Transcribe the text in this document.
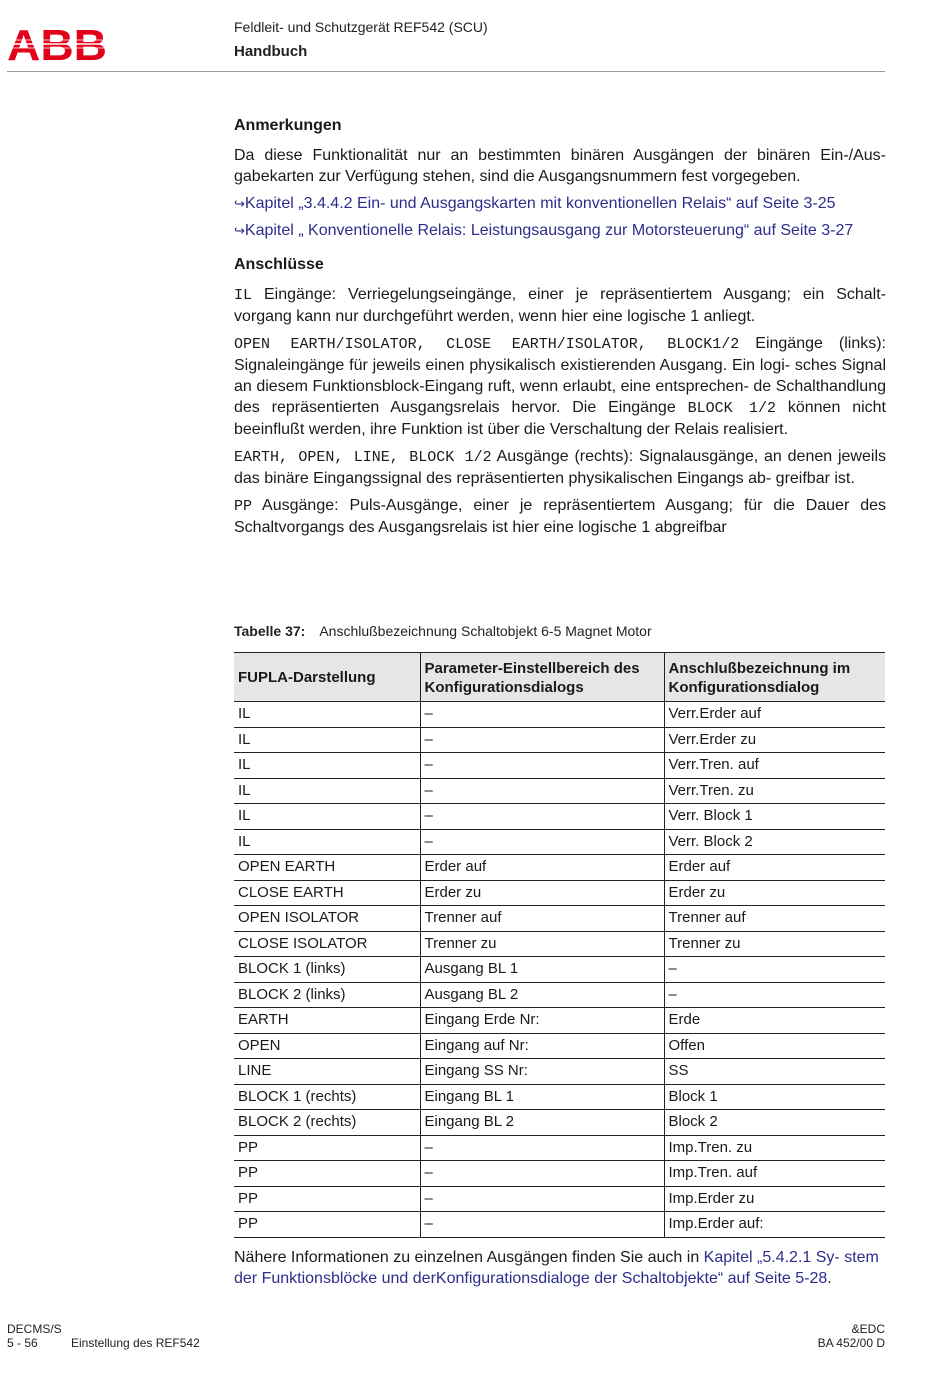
ABB	Feldleit- und Schutzgerät REF542 (SCU)
Handbuch
Anmerkungen
Da diese Funktionalität nur an bestimmten binären Ausgängen der binären Ein-/Aus- gabekarten zur Verfügung stehen, sind die Ausgangsnummern fest vorgegeben.
↪Kapitel „3.4.4.2 Ein- und Ausgangskarten mit konventionellen Relais“ auf Seite 3-25
↪Kapitel „ Konventionelle Relais: Leistungsausgang zur Motorsteuerung“ auf Seite 3-27
Anschlüsse
IL Eingänge: Verriegelungseingänge, einer je repräsentiertem Ausgang; ein Schalt- vorgang kann nur durchgeführt werden, wenn hier eine logische 1 anliegt.
OPEN EARTH/ISOLATOR, CLOSE EARTH/ISOLATOR, BLOCK1/2 Eingänge (links): Signaleingänge für jeweils einen physikalisch existierenden Ausgang. Ein logi- sches Signal an diesem Funktionsblock-Eingang ruft, wenn erlaubt, eine entsprechen- de Schalthandlung des repräsentierten Ausgangsrelais hervor. Die Eingänge BLOCK 1/2 können nicht beeinflußt werden, ihre Funktion ist über die Verschaltung der Relais realisiert.
EARTH, OPEN, LINE, BLOCK 1/2 Ausgänge (rechts): Signalausgänge, an denen jeweils das binäre Eingangssignal des repräsentierten physikalischen Eingangs ab- greifbar ist.
PP Ausgänge: Puls-Ausgänge, einer je repräsentiertem Ausgang; für die Dauer des Schaltvorgangs des Ausgangsrelais ist hier eine logische 1 abgreifbar
Tabelle 37: Anschlußbezeichnung Schaltobjekt 6-5 Magnet Motor
FUPLA-Darstellung	Parameter-Einstellbereich des Konfigurationsdialogs	Anschlußbezeichnung im Konfigurationsdialog
IL	–	Verr.Erder auf
IL	–	Verr.Erder zu
IL	–	Verr.Tren. auf
IL	–	Verr.Tren. zu
IL	–	Verr. Block 1
IL	–	Verr. Block 2
OPEN EARTH	Erder auf	Erder auf
CLOSE EARTH	Erder zu	Erder zu
OPEN ISOLATOR	Trenner auf	Trenner auf
CLOSE ISOLATOR	Trenner zu	Trenner zu
BLOCK 1 (links)	Ausgang BL 1	–
BLOCK 2 (links)	Ausgang BL 2	–
EARTH	Eingang Erde Nr:	Erde
OPEN	Eingang auf Nr:	Offen
LINE	Eingang SS Nr:	SS
BLOCK 1 (rechts)	Eingang BL 1	Block 1
BLOCK 2 (rechts)	Eingang BL 2	Block 2
PP	–	Imp.Tren. zu
PP	–	Imp.Tren. auf
PP	–	Imp.Erder zu
PP	–	Imp.Erder auf:
Nähere Informationen zu einzelnen Ausgängen finden Sie auch in Kapitel „5.4.2.1 Sy- stem der Funktionsblöcke und derKonfigurationsdialoge der Schaltobjekte“ auf Seite 5-28.
DECMS/S
5 - 56	Einstellung des REF542
&EDC
BA 452/00 D
